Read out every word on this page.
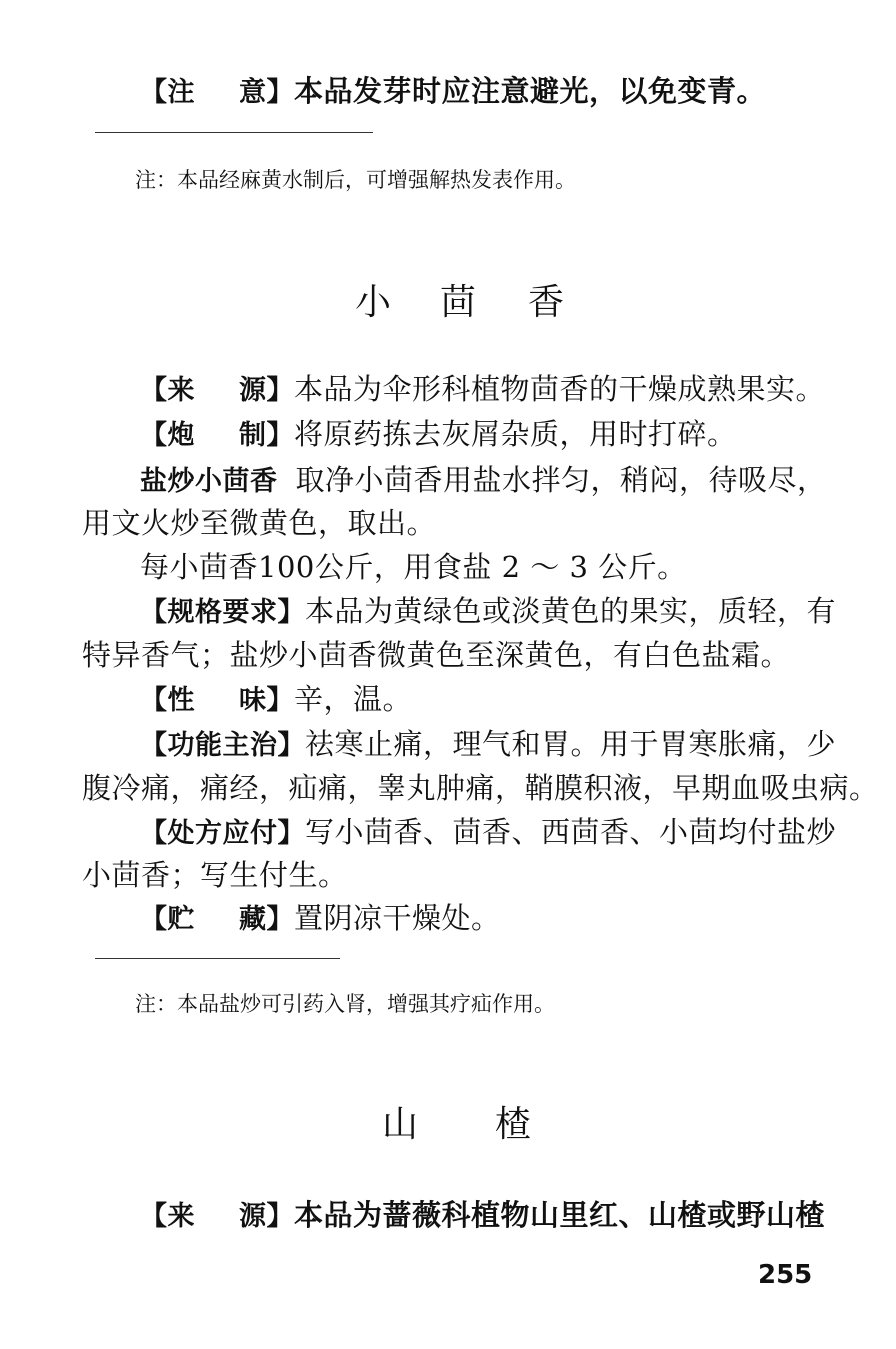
【注 意】本品发芽时应注意避光，以免变青。
注：本品经麻黄水制后，可增强解热发表作用。
小 茴 香
【来 源】本品为伞形科植物茴香的干燥成熟果实。
【炮 制】将原药拣去灰屑杂质，用时打碎。
盐炒小茴香 取净小茴香用盐水拌匀，稍闷，待吸尽，
用文火炒至微黄色，取出。
每小茴香100公斤，用食盐 2 ～ 3 公斤。
【规格要求】本品为黄绿色或淡黄色的果实，质轻，有
特异香气；盐炒小茴香微黄色至深黄色，有白色盐霜。
【性 味】辛，温。
【功能主治】祛寒止痛，理气和胃。用于胃寒胀痛，少
腹冷痛，痛经，疝痛，睾丸肿痛，鞘膜积液，早期血吸虫病。
【处方应付】写小茴香、茴香、西茴香、小茴均付盐炒
小茴香；写生付生。
【贮 藏】置阴凉干燥处。
注：本品盐炒可引药入肾，增强其疗疝作用。
山 楂
【来 源】本品为蔷薇科植物山里红、山楂或野山楂
255
